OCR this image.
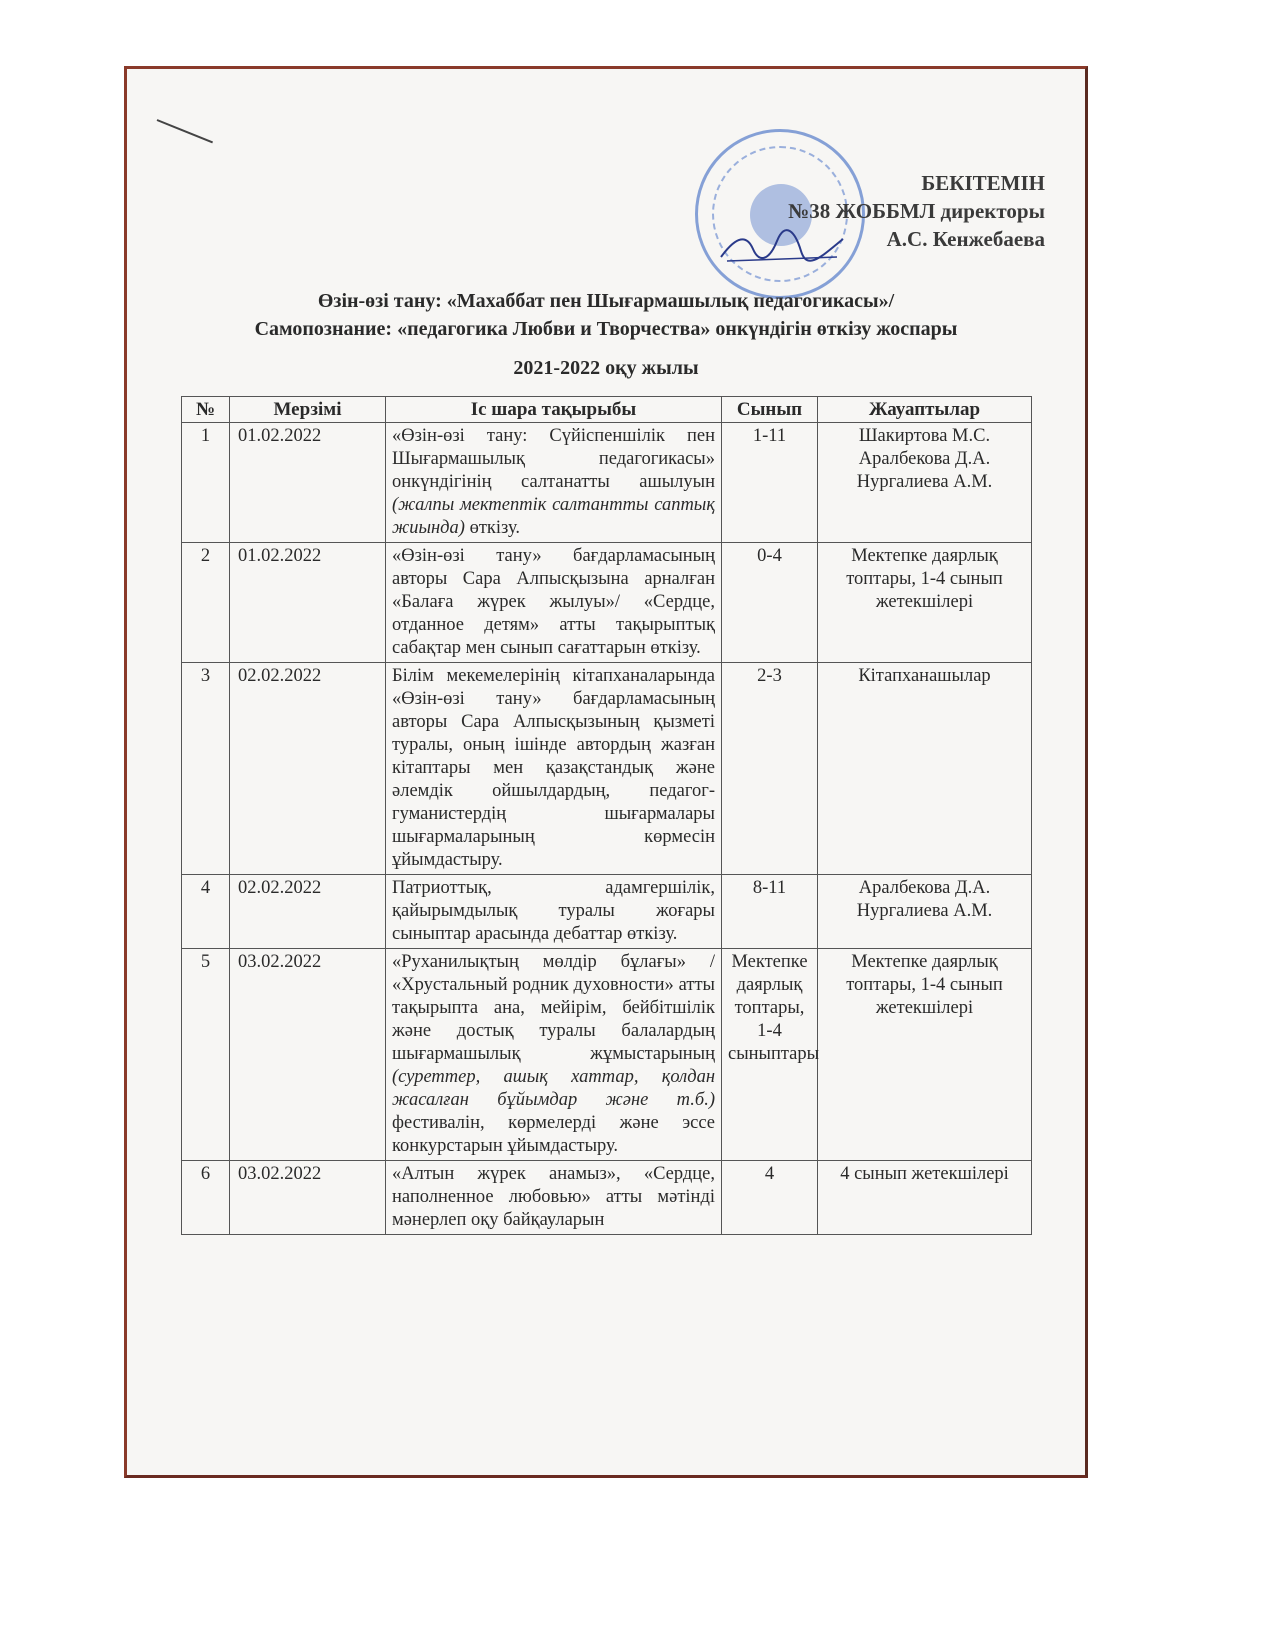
БЕКІТЕМІН
№38 ЖОББМЛ директоры
А.С. Кенжебаева
Өзін-өзі тану: «Махаббат пен Шығармашылық педагогикасы»/
Самопознание: «педагогика Любви и Творчества» онкүндігін өткізу жоспары
2021-2022 оқу жылы
№	Мерзімі	Іс шара тақырыбы	Сынып	Жауаптылар
1	01.02.2022	«Өзін-өзі тану: Сүйіспеншілік пен Шығармашылық педагогикасы» онкүндігінің салтанатты ашылуын (жалпы мектептік салтантты саптық жиында) өткізу.	1-11	Шакиртова М.С.
Аралбекова Д.А.
Нургалиева А.М.

2	01.02.2022	«Өзін-өзі тану» бағдарламасының авторы Сара Алпысқызына арналған «Балаға жүрек жылуы»/ «Сердце, отданное детям» атты тақырыптық сабақтар мен сынып сағаттарын өткізу.	0-4	Мектепке даярлық топтары, 1-4 сынып жетекшілері

3	02.02.2022	Білім мекемелерінің кітапханаларында «Өзін-өзі тану» бағдарламасының авторы Сара Алпысқызының қызметі туралы, оның ішінде автордың жазған кітаптары мен қазақстандық және әлемдік ойшылдардың, педагог-гуманистердің шығармалары шығармаларының көрмесін ұйымдастыру.	2-3	Кітапханашылар

4	02.02.2022	Патриоттық, адамгершілік, қайырымдылық туралы жоғары сыныптар арасында дебаттар өткізу.	8-11	Аралбекова Д.А.
Нургалиева А.М.

5	03.02.2022	«Руханилықтың мөлдір бұлағы» / «Хрустальный родник духовности» атты тақырыпта ана, мейірім, бейбітшілік және достық туралы балалардың шығармашылық жұмыстарының (суреттер, ашық хаттар, қолдан жасалған бұйымдар және т.б.) фестивалін, көрмелерді және эссе конкурстарын ұйымдастыру.	Мектепке даярлық топтары, 1-4 сыныптары	Мектепке даярлық топтары, 1-4 сынып жетекшілері

6	03.02.2022	«Алтын жүрек анамыз», «Сердце, наполненное любовью» атты мәтінді мәнерлеп оқу байқауларын	4	4 сынып жетекшілері
